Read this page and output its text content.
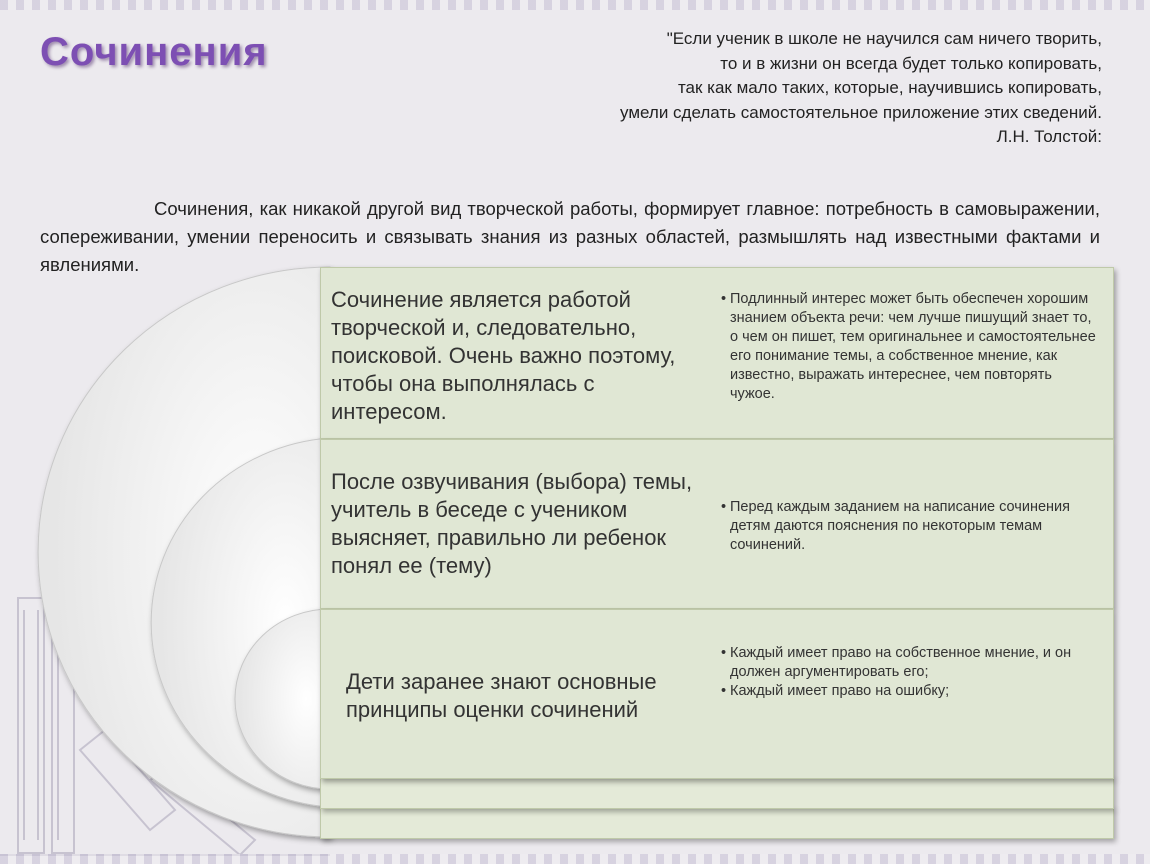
Сочинения	"Если ученик в школе не научился сам ничего творить,
то и в жизни он всегда будет только копировать,
так как мало таких, которые, научившись копировать,
умели сделать самостоятельное приложение этих сведений.
Л.Н. Толстой:

Сочинения, как никакой другой вид творческой работы, формирует главное: потребность в самовыражении, сопереживании, умении переносить и связывать знания из разных областей, размышлять над известными фактами и явлениями.

Сочинение является работой творческой и, следовательно, поисковой. Очень важно поэтому, чтобы она выполнялась с интересом.
• Подлинный интерес может быть обеспечен хорошим знанием объекта речи: чем лучше пишущий знает то, о чем он пишет, тем оригинальнее и самостоятельнее его понимание темы, а собственное мнение, как известно, выражать интереснее, чем повторять чужое.
После озвучивания (выбора) темы, учитель в беседе с учеником выясняет, правильно ли ребенок понял ее (тему)
• Перед каждым заданием на написание сочинения детям даются пояснения по некоторым темам сочинений.
Дети заранее знают основные принципы оценки сочинений
• Каждый имеет право на собственное мнение, и он должен аргументировать его;
• Каждый имеет право на ошибку;
